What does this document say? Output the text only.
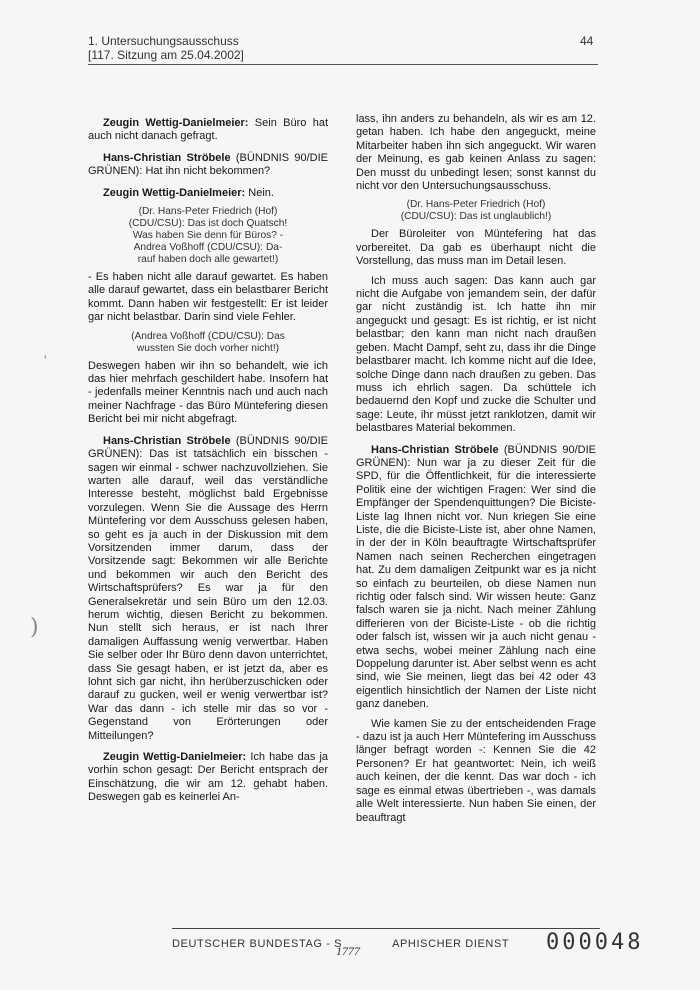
1. Untersuchungsausschuss
[117. Sitzung am 25.04.2002]
44
'
)

Zeugin Wettig-Danielmeier: Sein Büro hat auch nicht danach gefragt.

Hans-Christian Ströbele (BÜNDNIS 90/DIE GRÜNEN): Hat ihn nicht bekommen?

Zeugin Wettig-Danielmeier: Nein.

(Dr. Hans-Peter Friedrich (Hof)
(CDU/CSU): Das ist doch Quatsch!
Was haben Sie denn für Büros? -
Andrea Voßhoff (CDU/CSU): Da-
rauf haben doch alle gewartet!)

- Es haben nicht alle darauf gewartet. Es haben alle darauf gewartet, dass ein belastbarer Bericht kommt. Dann haben wir festgestellt: Er ist leider gar nicht belastbar. Darin sind viele Fehler.

(Andrea Voßhoff (CDU/CSU): Das
wussten Sie doch vorher nicht!)

Deswegen haben wir ihn so behandelt, wie ich das hier mehrfach geschildert habe. Insofern hat - jedenfalls meiner Kenntnis nach und auch nach meiner Nachfrage - das Büro Müntefering diesen Bericht bei mir nicht abgefragt.

Hans-Christian Ströbele (BÜNDNIS 90/DIE GRÜNEN): Das ist tatsächlich ein bisschen - sagen wir einmal - schwer nachzuvollziehen. Sie warten alle darauf, weil das verständliche Interesse besteht, möglichst bald Ergebnisse vorzulegen. Wenn Sie die Aussage des Herrn Müntefering vor dem Ausschuss gelesen haben, so geht es ja auch in der Diskussion mit dem Vorsitzenden immer darum, dass der Vorsitzende sagt: Bekommen wir alle Berichte und bekommen wir auch den Bericht des Wirtschaftsprüfers? Es war ja für den Generalsekretär und sein Büro um den 12.03. herum wichtig, diesen Bericht zu bekommen. Nun stellt sich heraus, er ist nach Ihrer damaligen Auffassung wenig verwertbar. Haben Sie selber oder Ihr Büro denn davon unterrichtet, dass Sie gesagt haben, er ist jetzt da, aber es lohnt sich gar nicht, ihn herüberzuschicken oder darauf zu gucken, weil er wenig verwertbar ist? War das dann - ich stelle mir das so vor - Gegenstand von Erörterungen oder Mitteilungen?

Zeugin Wettig-Danielmeier: Ich habe das ja vorhin schon gesagt: Der Bericht entsprach der Einschätzung, die wir am 12. gehabt haben. Deswegen gab es keinerlei An-

lass, ihn anders zu behandeln, als wir es am 12. getan haben. Ich habe den angeguckt, meine Mitarbeiter haben ihn sich angeguckt. Wir waren der Meinung, es gab keinen Anlass zu sagen: Den musst du unbedingt lesen; sonst kannst du nicht vor den Untersuchungsausschuss.

(Dr. Hans-Peter Friedrich (Hof)
(CDU/CSU): Das ist unglaublich!)

Der Büroleiter von Müntefering hat das vorbereitet. Da gab es überhaupt nicht die Vorstellung, das muss man im Detail lesen.

Ich muss auch sagen: Das kann auch gar nicht die Aufgabe von jemandem sein, der dafür gar nicht zuständig ist. Ich hatte ihn mir angeguckt und gesagt: Es ist richtig, er ist nicht belastbar; den kann man nicht nach draußen geben. Macht Dampf, seht zu, dass ihr die Dinge belastbarer macht. Ich komme nicht auf die Idee, solche Dinge dann nach draußen zu geben. Das muss ich ehrlich sagen. Da schüttele ich bedauernd den Kopf und zucke die Schulter und sage: Leute, ihr müsst jetzt ranklotzen, damit wir belastbares Material bekommen.

Hans-Christian Ströbele (BÜNDNIS 90/DIE GRÜNEN): Nun war ja zu dieser Zeit für die SPD, für die Öffentlichkeit, für die interessierte Politik eine der wichtigen Fragen: Wer sind die Empfänger der Spendenquittungen? Die Biciste-Liste lag Ihnen nicht vor. Nun kriegen Sie eine Liste, die die Biciste-Liste ist, aber ohne Namen, in der der in Köln beauftragte Wirtschaftsprüfer Namen nach seinen Recherchen eingetragen hat. Zu dem damaligen Zeitpunkt war es ja nicht so einfach zu beurteilen, ob diese Namen nun richtig oder falsch sind. Wir wissen heute: Ganz falsch waren sie ja nicht. Nach meiner Zählung differieren von der Biciste-Liste - ob die richtig oder falsch ist, wissen wir ja auch nicht genau - etwa sechs, wobei meiner Zählung nach eine Doppelung darunter ist. Aber selbst wenn es acht sind, wie Sie meinen, liegt das bei 42 oder 43 eigentlich hinsichtlich der Namen der Liste nicht ganz daneben.

Wie kamen Sie zu der entscheidenden Frage - dazu ist ja auch Herr Müntefering im Ausschuss länger befragt worden -: Kennen Sie die 42 Personen? Er hat geantwortet: Nein, ich weiß auch keinen, der die kennt. Das war doch - ich sage es einmal etwas übertrieben -, was damals alle Welt interessierte. Nun haben Sie einen, der beauftragt

DEUTSCHER BUNDESTAG - S	APHISCHER DIENST
1777	000048
